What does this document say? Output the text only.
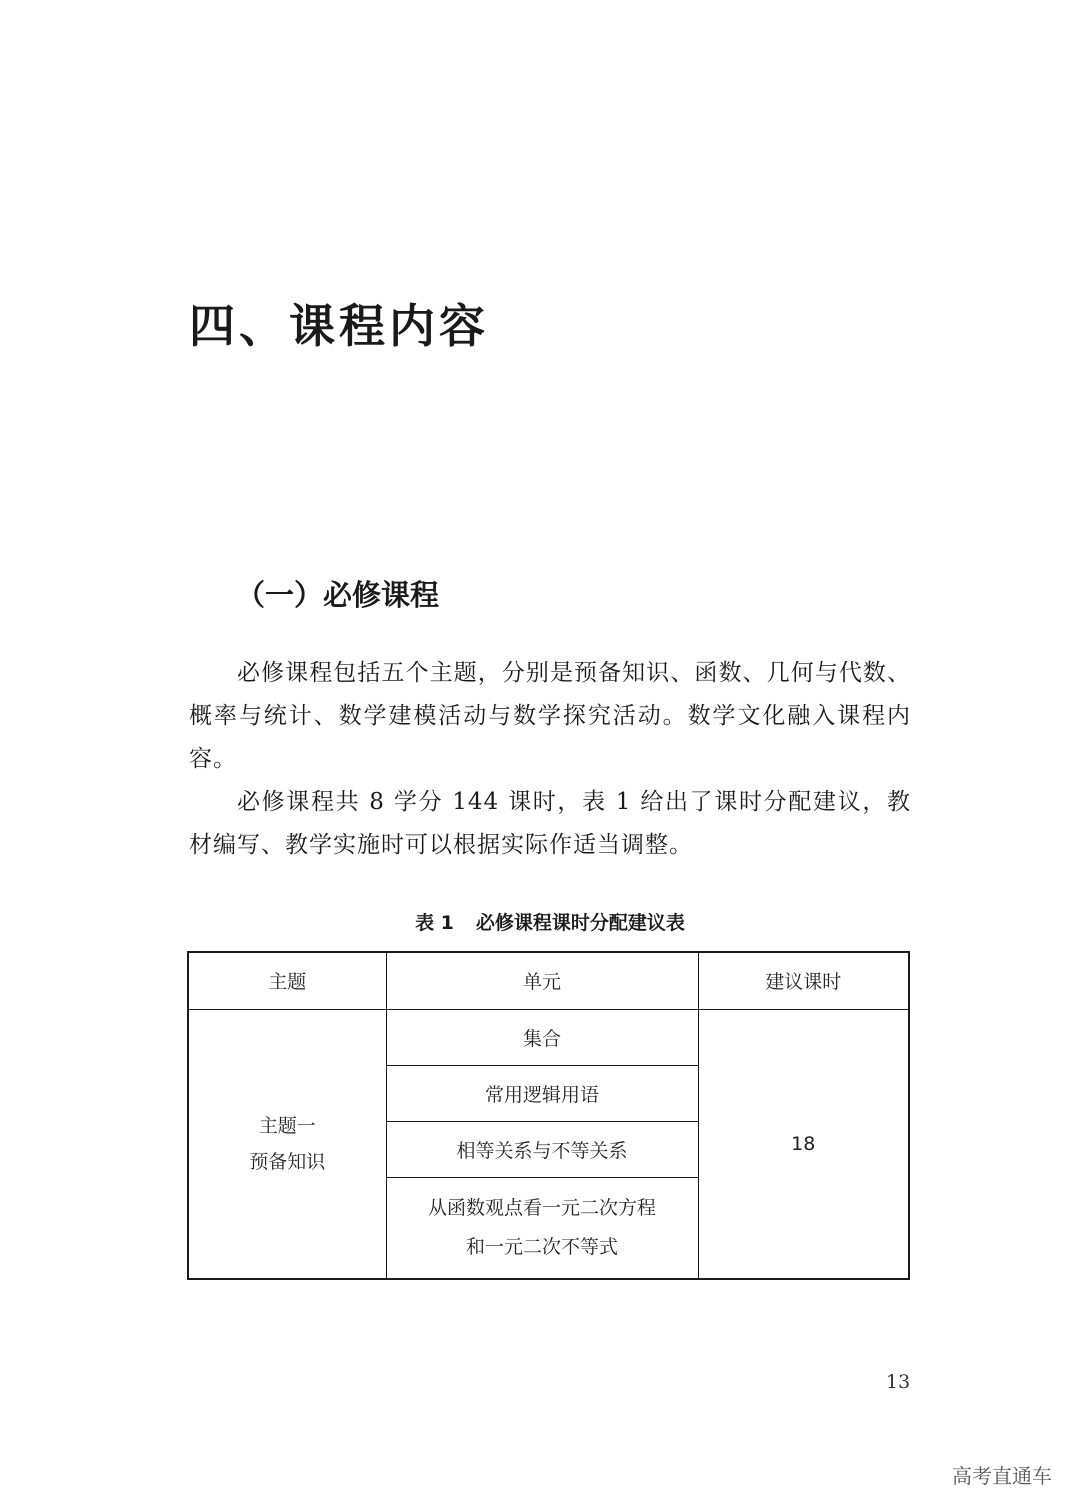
四、课程内容
（一）必修课程

必修课程包括五个主题，分别是预备知识、函数、几何与代数、概率与统计、数学建模活动与数学探究活动。数学文化融入课程内容。

必修课程共 8 学分 144 课时，表 1 给出了课时分配建议，教材编写、教学实施时可以根据实际作适当调整。

表 1 必修课程课时分配建议表
主题	单元	建议课时

主题一
预备知识	集合	18
	常用逻辑用语	
	相等关系与不等关系	

	从函数观点看一元二次方程
和一元二次不等式	
13
高考直通车
